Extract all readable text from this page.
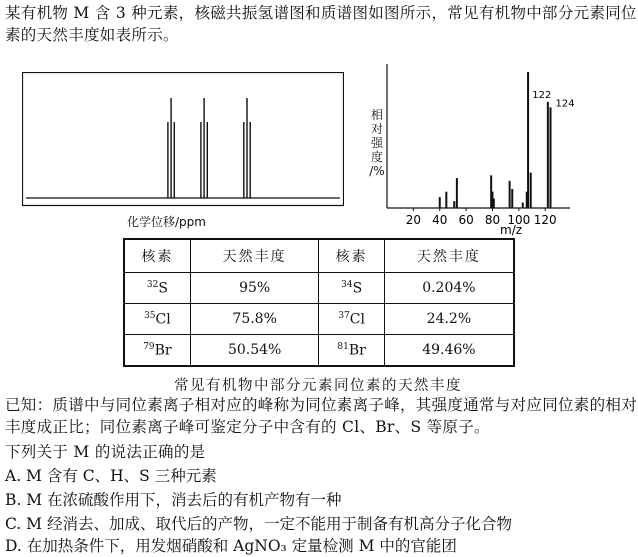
某有机物 M 含 3 种元素，核磁共振氢谱图和质谱图如图所示，常见有机物中部分元素同位
素的天然丰度如表所示。
化学位移/ppm	20 40 60 80 100 120
122
124
m/z
相
对
强
度
/%
核素	天然丰度	核素	天然丰度
$^{32}$S	95%	$^{34}$S	0.204%
$^{35}$Cl	75.8%	$^{37}$Cl	24.2%
$^{79}$Br	50.54%	$^{81}$Br	49.46%
常见有机物中部分元素同位素的天然丰度
已知：质谱中与同位素离子相对应的峰称为同位素离子峰，其强度通常与对应同位素的相对
丰度成正比；同位素离子峰可鉴定分子中含有的 Cl、Br、S 等原子。
下列关于 M 的说法正确的是
A. M 含有 C、H、S 三种元素
B. M 在浓硫酸作用下，消去后的有机产物有一种
C. M 经消去、加成、取代后的产物，一定不能用于制备有机高分子化合物
D. 在加热条件下，用发烟硝酸和 AgNO₃ 定量检测 M 中的官能团
